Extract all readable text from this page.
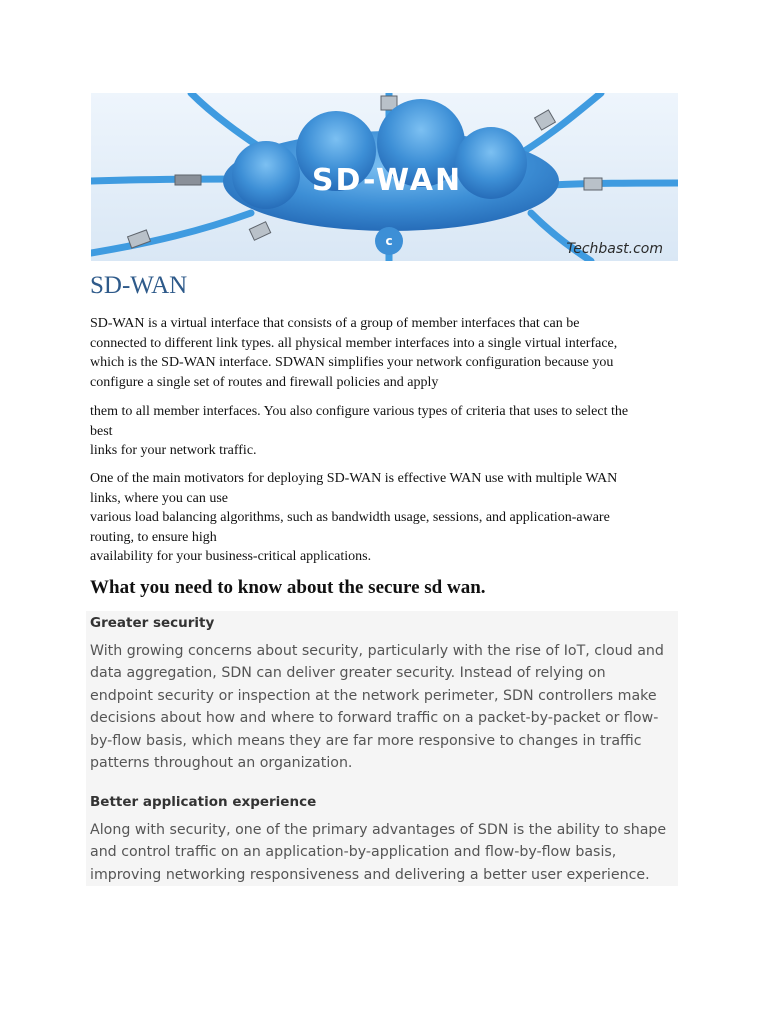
c
SD-WAN
Techbast.com
SD-WAN

SD-WAN is a virtual interface that consists of a group of member interfaces that can be
connected to different link types. all physical member interfaces into a single virtual interface,
which is the SD-WAN interface. SDWAN simplifies your network configuration because you
configure a single set of routes and firewall policies and apply

them to all member interfaces. You also configure various types of criteria that uses to select the
best
links for your network traffic.

One of the main motivators for deploying SD-WAN is effective WAN use with multiple WAN
links, where you can use
various load balancing algorithms, such as bandwidth usage, sessions, and application-aware
routing, to ensure high
availability for your business-critical applications.

What you need to know about the secure sd wan.
Greater security

With growing concerns about security, particularly with the rise of IoT, cloud and
data aggregation, SDN can deliver greater security. Instead of relying on
endpoint security or inspection at the network perimeter, SDN controllers make
decisions about how and where to forward traffic on a packet-by-packet or flow-
by-flow basis, which means they are far more responsive to changes in traffic
patterns throughout an organization.

Better application experience

Along with security, one of the primary advantages of SDN is the ability to shape
and control traffic on an application-by-application and flow-by-flow basis,
improving networking responsiveness and delivering a better user experience.
